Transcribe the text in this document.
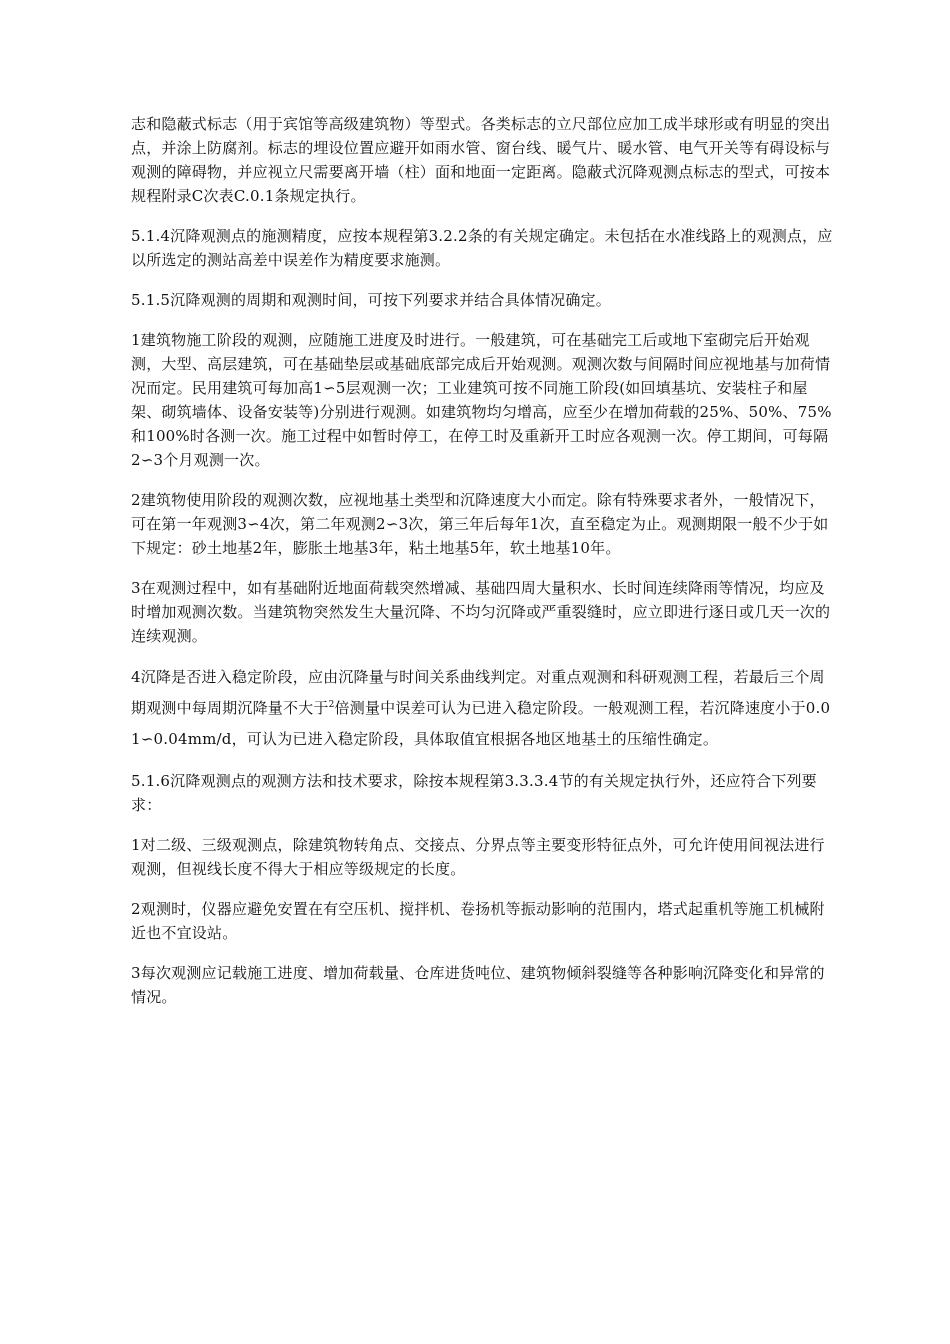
志和隐蔽式标志（用于宾馆等高级建筑物）等型式。各类标志的立尺部位应加工成半球形或有明显的突出点，并涂上防腐剂。标志的埋设位置应避开如雨水管、窗台线、暖气片、暖水管、电气开关等有碍设标与观测的障碍物，并应视立尺需要离开墙（柱）面和地面一定距离。隐蔽式沉降观测点标志的型式，可按本规程附录C次表C.0.1条规定执行。

5.1.4沉降观测点的施测精度，应按本规程第3.2.2条的有关规定确定。未包括在水准线路上的观测点，应以所选定的测站高差中误差作为精度要求施测。

5.1.5沉降观测的周期和观测时间，可按下列要求并结合具体情况确定。

1建筑物施工阶段的观测，应随施工进度及时进行。一般建筑，可在基础完工后或地下室砌完后开始观测，大型、高层建筑，可在基础垫层或基础底部完成后开始观测。观测次数与间隔时间应视地基与加荷情况而定。民用建筑可每加高1∽5层观测一次；工业建筑可按不同施工阶段(如回填基坑、安装柱子和屋架、砌筑墙体、设备安装等)分别进行观测。如建筑物均匀增高，应至少在增加荷载的25%、50%、75%和100%时各测一次。施工过程中如暂时停工，在停工时及重新开工时应各观测一次。停工期间，可每隔2∽3个月观测一次。

2建筑物使用阶段的观测次数，应视地基土类型和沉降速度大小而定。除有特殊要求者外，一般情况下，可在第一年观测3∽4次，第二年观测2∽3次，第三年后每年1次，直至稳定为止。观测期限一般不少于如下规定：砂土地基2年，膨胀土地基3年，粘土地基5年，软土地基10年。

3在观测过程中，如有基础附近地面荷载突然增减、基础四周大量积水、长时间连续降雨等情况，均应及时增加观测次数。当建筑物突然发生大量沉降、不均匀沉降或严重裂缝时，应立即进行逐日或几天一次的连续观测。

4沉降是否进入稳定阶段，应由沉降量与时间关系曲线判定。对重点观测和科研观测工程，若最后三个周期观测中每周期沉降量不大于$^2$倍测量中误差可认为已进入稳定阶段。一般观测工程，若沉降速度小于0.01∽0.04mm/d，可认为已进入稳定阶段，具体取值宜根据各地区地基土的压缩性确定。

5.1.6沉降观测点的观测方法和技术要求，除按本规程第3.3.3.4节的有关规定执行外，还应符合下列要求：

1对二级、三级观测点，除建筑物转角点、交接点、分界点等主要变形特征点外，可允许使用间视法进行观测，但视线长度不得大于相应等级规定的长度。

2观测时，仪器应避免安置在有空压机、搅拌机、卷扬机等振动影响的范围内，塔式起重机等施工机械附近也不宜设站。

3每次观测应记载施工进度、增加荷载量、仓库进货吨位、建筑物倾斜裂缝等各种影响沉降变化和异常的情况。
